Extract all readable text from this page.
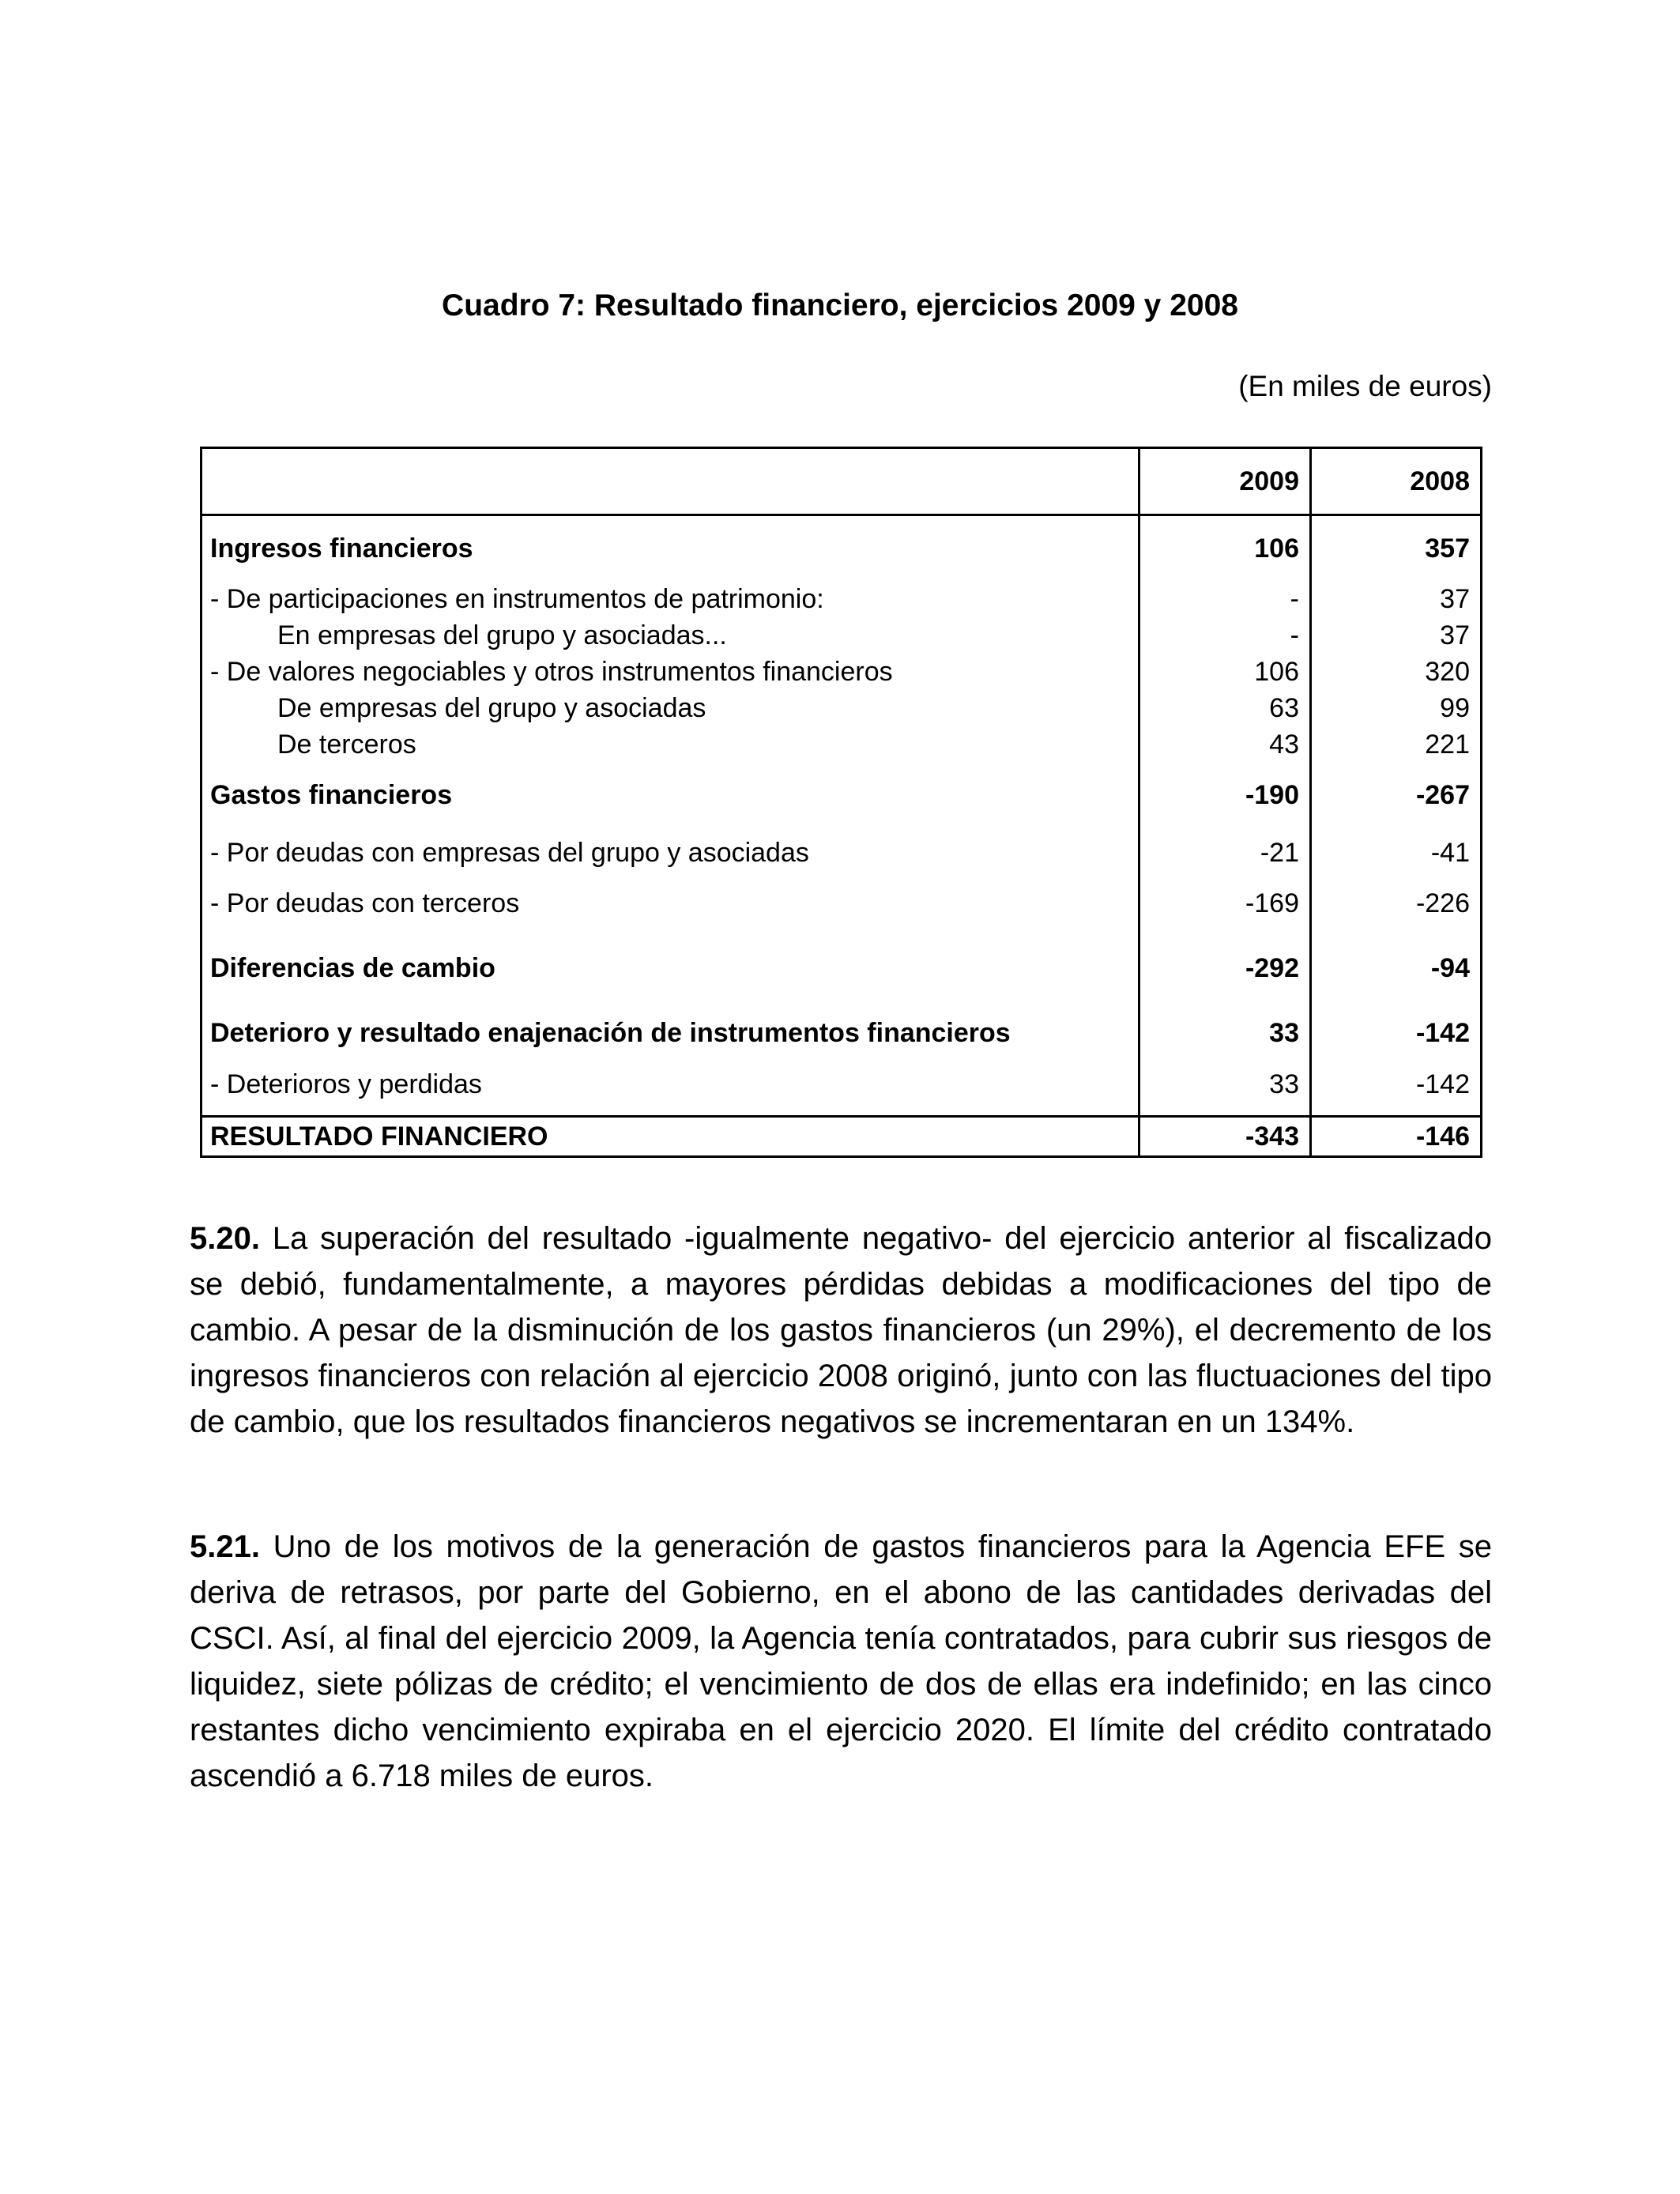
Cuadro 7: Resultado financiero, ejercicios 2009 y 2008
(En miles de euros)
	2009	2008
Ingresos financieros	106	357
- De participaciones en instrumentos de patrimonio:	-	37
En empresas del grupo y asociadas...	-	37
- De valores negociables y otros instrumentos financieros	106	320
De empresas del grupo y asociadas	63	99
De terceros	43	221
Gastos financieros	-190	-267
- Por deudas con empresas del grupo y asociadas	-21	-41
- Por deudas con terceros	-169	-226
Diferencias de cambio	-292	-94
Deterioro y resultado enajenación de instrumentos financieros	33	-142
- Deterioros y perdidas	33	-142
RESULTADO FINANCIERO	-343	-146

5.20. La superación del resultado -igualmente negativo- del ejercicio anterior al fiscalizado se debió, fundamentalmente, a mayores pérdidas debidas a modificaciones del tipo de cambio. A pesar de la disminución de los gastos financieros (un 29%), el decremento de los ingresos financieros con relación al ejercicio 2008 originó, junto con las fluctuaciones del tipo de cambio, que los resultados financieros negativos se incrementaran en un 134%.

5.21. Uno de los motivos de la generación de gastos financieros para la Agencia EFE se deriva de retrasos, por parte del Gobierno, en el abono de las cantidades derivadas del CSCI. Así, al final del ejercicio 2009, la Agencia tenía contratados, para cubrir sus riesgos de liquidez, siete pólizas de crédito; el vencimiento de dos de ellas era indefinido; en las cinco restantes dicho vencimiento expiraba en el ejercicio 2020. El límite del crédito contratado ascendió a 6.718 miles de euros.
